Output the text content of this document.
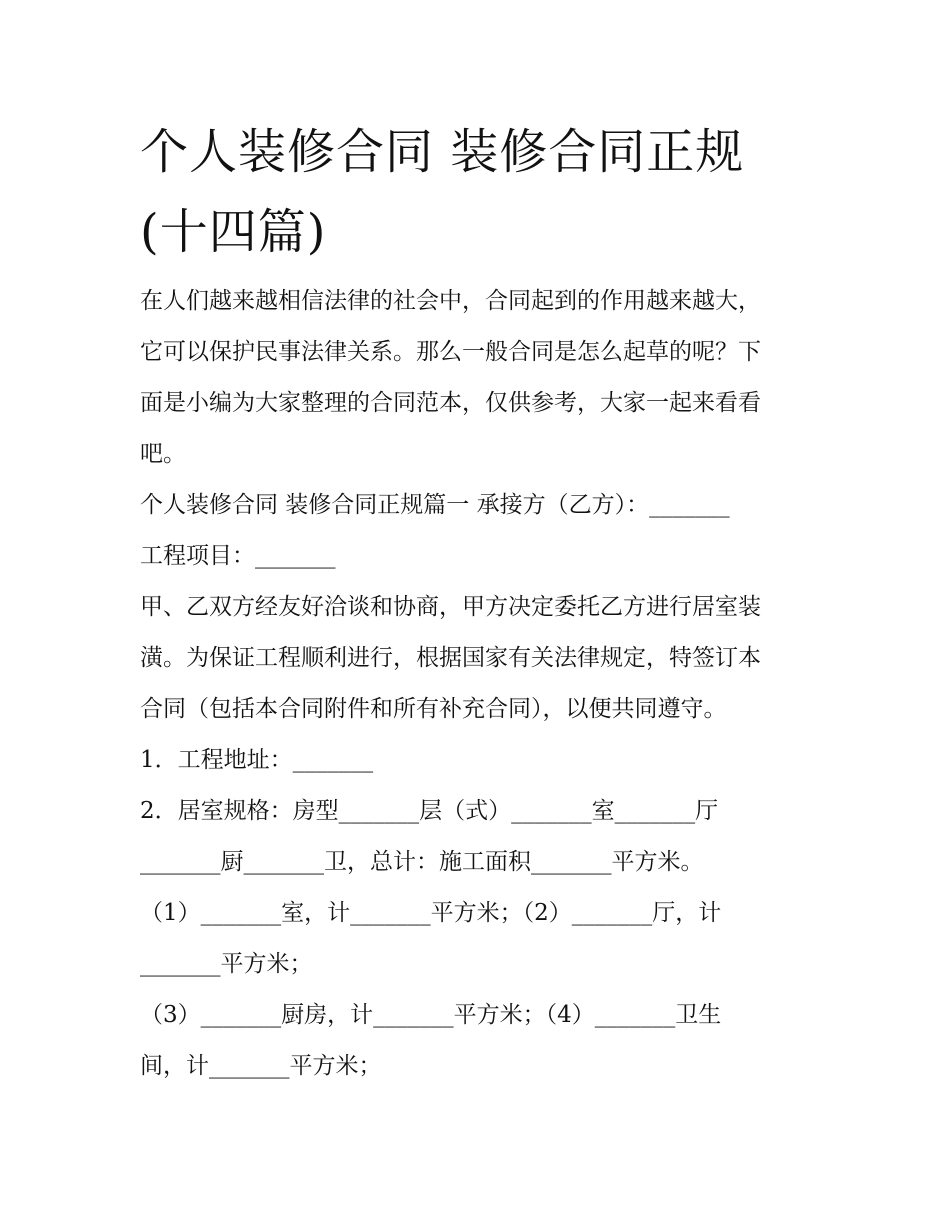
个人装修合同 装修合同正规
(十四篇)
在人们越来越相信法律的社会中，合同起到的作用越来越大，
它可以保护民事法律关系。那么一般合同是怎么起草的呢？下
面是小编为大家整理的合同范本，仅供参考，大家一起来看看
吧。
个人装修合同 装修合同正规篇一 承接方（乙方）：_______
工程项目：_______
甲、乙双方经友好洽谈和协商，甲方决定委托乙方进行居室装
潢。为保证工程顺利进行，根据国家有关法律规定，特签订本
合同（包括本合同附件和所有补充合同），以便共同遵守。
1．工程地址：_______
2．居室规格：房型_______层（式）_______室_______厅
_______厨_______卫，总计：施工面积_______平方米。
（1）_______室，计_______平方米；（2）_______厅，计
_______平方米；
（3）_______厨房，计_______平方米；（4）_______卫生
间，计_______平方米；
